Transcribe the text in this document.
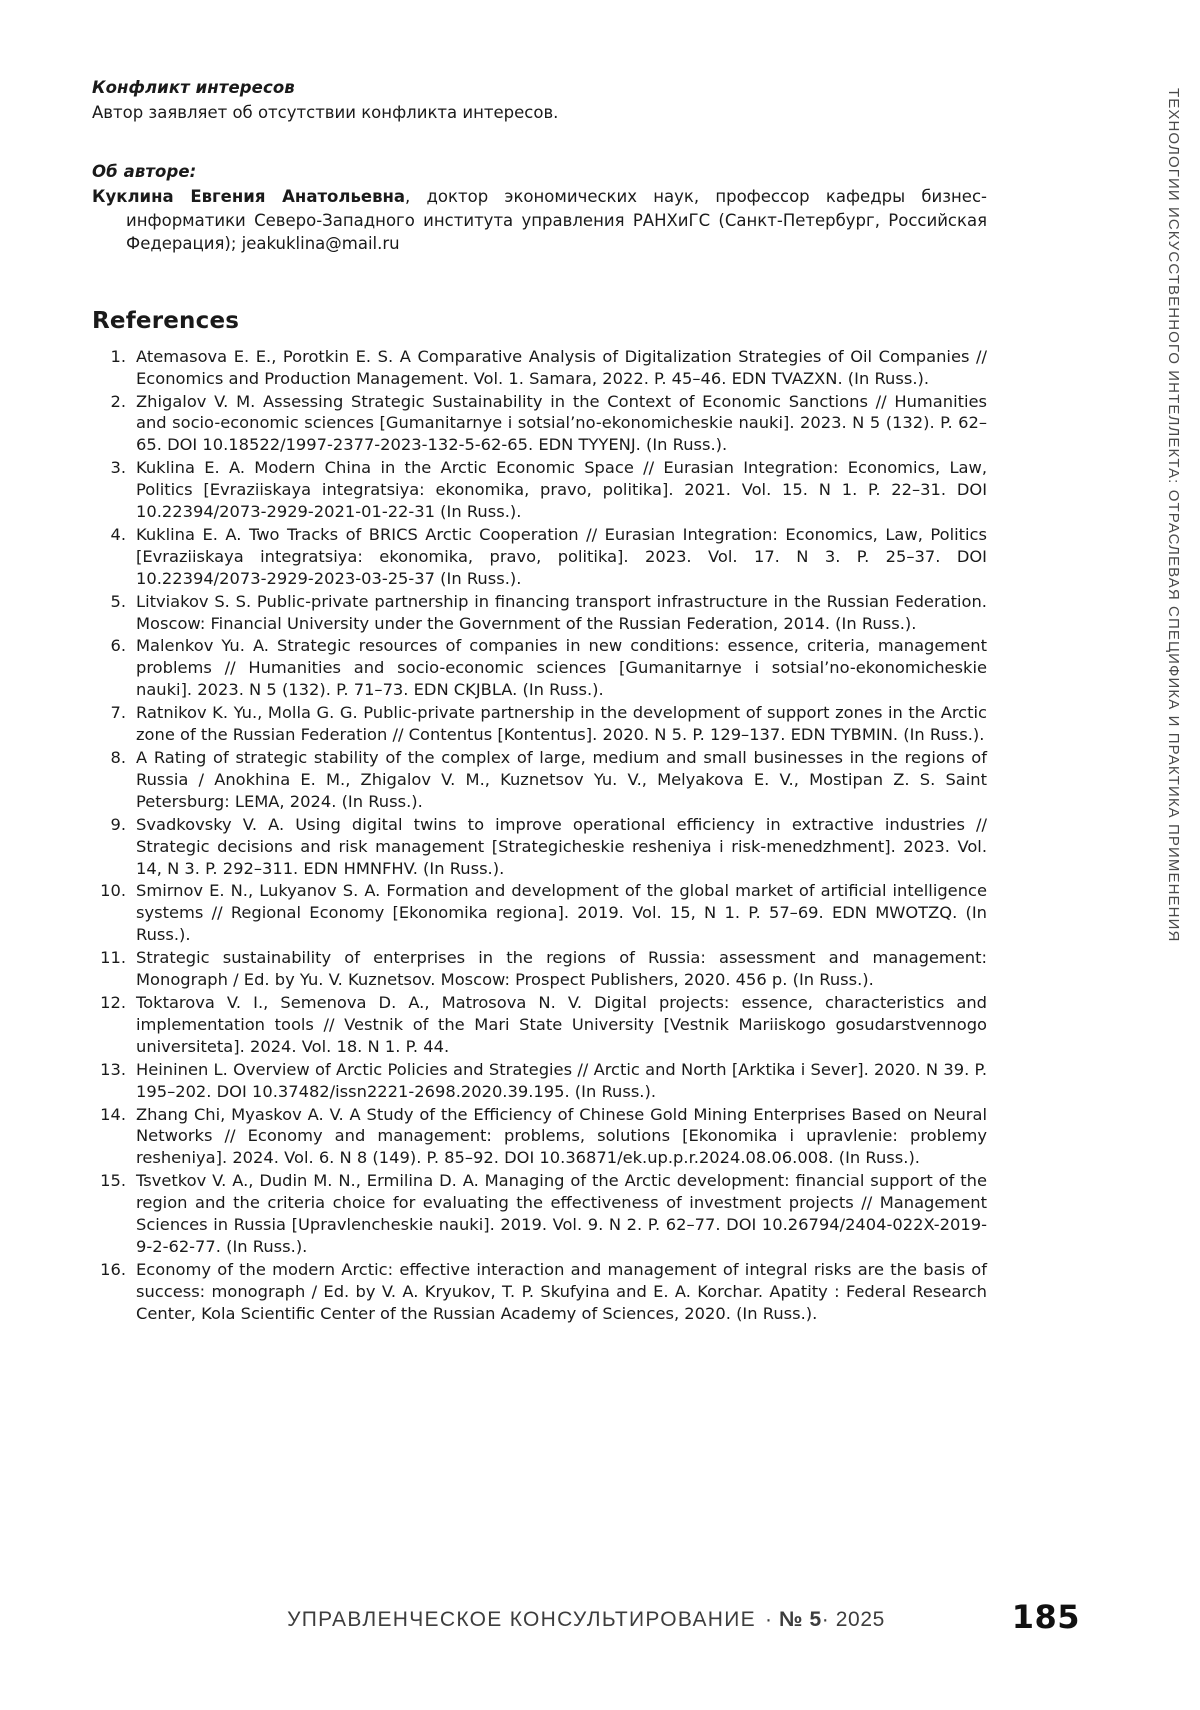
Конфликт интересов

Автор заявляет об отсутствии конфликта интересов.

Об авторе:

Куклина Евгения Анатольевна, доктор экономических наук, профессор кафедры бизнес-информатики Северо-Западного института управления РАНХиГС (Санкт-Петербург, Российская Федерация); jeakuklina@mail.ru
References
Atemasova E. E., Porotkin E. S. A Comparative Analysis of Digitalization Strategies of Oil Companies // Economics and Production Management. Vol. 1. Samara, 2022. P. 45–46. EDN TVAZXN. (In Russ.).
Zhigalov V. M. Assessing Strategic Sustainability in the Context of Economic Sanctions // Humanities and socio-economic sciences [Gumanitarnye i sotsial’no-ekonomicheskie nauki]. 2023. N 5 (132). P. 62–65. DOI 10.18522/1997-2377-2023-132-5-62-65. EDN TYYENJ. (In Russ.).
Kuklina E. A. Modern China in the Arctic Economic Space // Eurasian Integration: Economics, Law, Politics [Evraziiskaya integratsiya: ekonomika, pravo, politika]. 2021. Vol. 15. N 1. P. 22–31. DOI 10.22394/2073-2929-2021-01-22-31 (In Russ.).
Kuklina E. A. Two Tracks of BRICS Arctic Cooperation // Eurasian Integration: Economics, Law, Politics [Evraziiskaya integratsiya: ekonomika, pravo, politika]. 2023. Vol. 17. N 3. P. 25–37. DOI 10.22394/2073-2929-2023-03-25-37 (In Russ.).
Litviakov S. S. Public-private partnership in financing transport infrastructure in the Russian Federation. Moscow: Financial University under the Government of the Russian Federation, 2014. (In Russ.).
Malenkov Yu. A. Strategic resources of companies in new conditions: essence, criteria, management problems // Humanities and socio-economic sciences [Gumanitarnye i sotsial’no-ekonomicheskie nauki]. 2023. N 5 (132). P. 71–73. EDN CKJBLA. (In Russ.).
Ratnikov K. Yu., Molla G. G. Public-private partnership in the development of support zones in the Arctic zone of the Russian Federation // Contentus [Kontentus]. 2020. N 5. P. 129–137. EDN TYBMIN. (In Russ.).
A Rating of strategic stability of the complex of large, medium and small businesses in the regions of Russia / Anokhina E. M., Zhigalov V. M., Kuznetsov Yu. V., Melyakova E. V., Mostipan Z. S. Saint Petersburg: LEMA, 2024. (In Russ.).
Svadkovsky V. A. Using digital twins to improve operational efficiency in extractive industries // Strategic decisions and risk management [Strategicheskie resheniya i risk-menedzhment]. 2023. Vol. 14, N 3. P. 292–311. EDN HMNFHV. (In Russ.).
Smirnov E. N., Lukyanov S. A. Formation and development of the global market of artificial intelligence systems // Regional Economy [Ekonomika regiona]. 2019. Vol. 15, N 1. P. 57–69. EDN MWOTZQ. (In Russ.).
Strategic sustainability of enterprises in the regions of Russia: assessment and management: Monograph / Ed. by Yu. V. Kuznetsov. Moscow: Prospect Publishers, 2020. 456 p. (In Russ.).
Toktarova V. I., Semenova D. A., Matrosova N. V. Digital projects: essence, characteristics and implementation tools // Vestnik of the Mari State University [Vestnik Mariiskogo gosudarstvennogo universiteta]. 2024. Vol. 18. N 1. P. 44.
Heininen L. Overview of Arctic Policies and Strategies // Arctic and North [Arktika i Sever]. 2020. N 39. P. 195–202. DOI 10.37482/issn2221-2698.2020.39.195. (In Russ.).
Zhang Chi, Myaskov A. V. A Study of the Efficiency of Chinese Gold Mining Enterprises Based on Neural Networks // Economy and management: problems, solutions [Ekonomika i upravlenie: problemy resheniya]. 2024. Vol. 6. N 8 (149). P. 85–92. DOI 10.36871/ek.up.p.r.2024.08.06.008. (In Russ.).
Tsvetkov V. A., Dudin M. N., Ermilina D. A. Managing of the Arctic development: financial support of the region and the criteria choice for evaluating the effectiveness of investment projects // Management Sciences in Russia [Upravlencheskie nauki]. 2019. Vol. 9. N 2. P. 62–77. DOI 10.26794/2404-022X-2019-9-2-62-77. (In Russ.).
Economy of the modern Arctic: effective interaction and management of integral risks are the basis of success: monograph / Ed. by V. A. Kryukov, T. P. Skufyina and E. A. Korchar. Apatity : Federal Research Center, Kola Scientific Center of the Russian Academy of Sciences, 2020. (In Russ.).
ТЕХНОЛОГИИ ИСКУССТВЕННОГО ИНТЕЛЛЕКТА: ОТРАСЛЕВАЯ СПЕЦИФИКА И ПРАКТИКА ПРИМЕНЕНИЯ
УПРАВЛЕНЧЕСКОЕ КОНСУЛЬТИРОВАНИЕ · № 5· 2025	185
